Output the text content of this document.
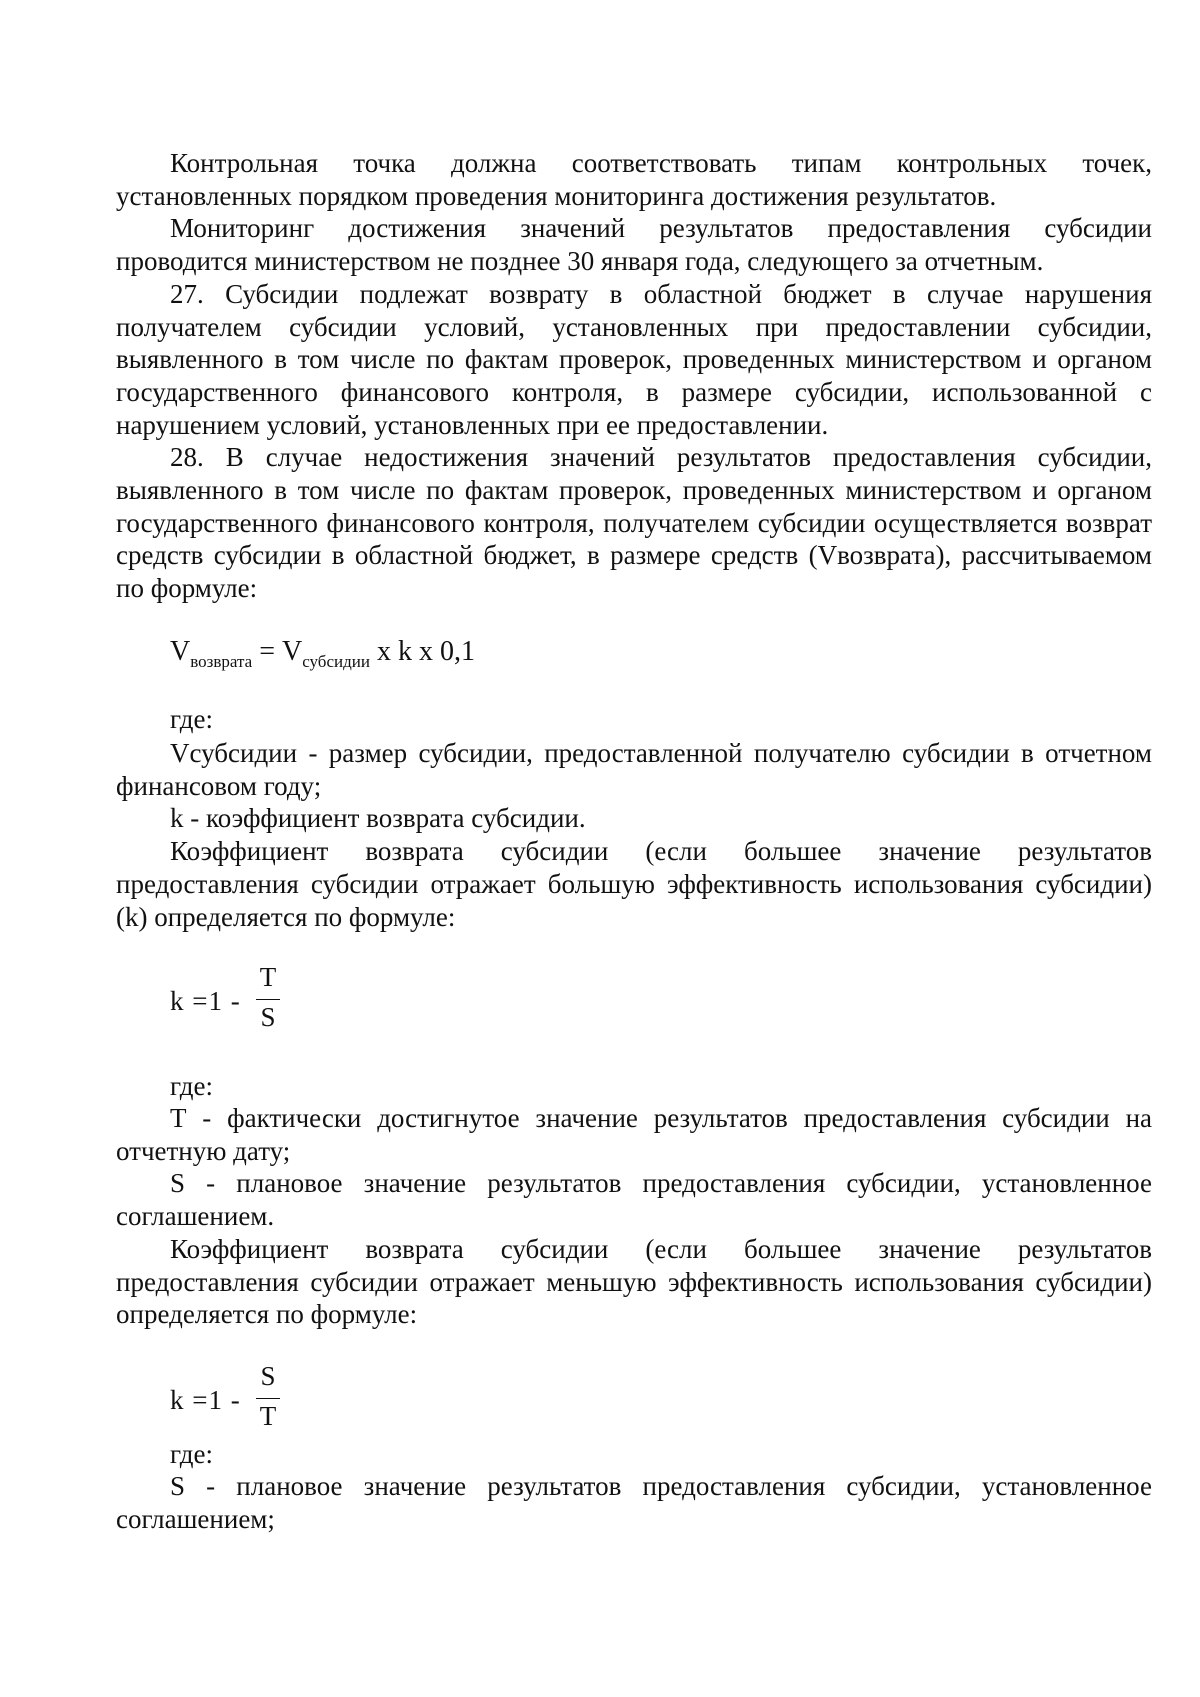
Контрольная точка должна соответствовать типам контрольных точек, установленных порядком проведения мониторинга достижения результатов.

Мониторинг достижения значений результатов предоставления субсидии проводится министерством не позднее 30 января года, следующего за отчетным.

27. Субсидии подлежат возврату в областной бюджет в случае нарушения получателем субсидии условий, установленных при предоставлении субсидии, выявленного в том числе по фактам проверок, проведенных министерством и органом государственного финансового контроля, в размере субсидии, использованной с нарушением условий, установленных при ее предоставлении.

28. В случае недостижения значений результатов предоставления субсидии, выявленного в том числе по фактам проверок, проведенных министерством и органом государственного финансового контроля, получателем субсидии осуществляется возврат средств субсидии в областной бюджет, в размере средств (Vвозврата), рассчитываемом по формуле:

$V_{возврата} = V_{субсидии}$ x k x 0,1
где:

Vсубсидии - размер субсидии, предоставленной получателю субсидии в отчетном финансовом году;

k - коэффициент возврата субсидии.

Коэффициент возврата субсидии (если большее значение результатов предоставления субсидии отражает большую эффективность использования субсидии) (k) определяется по формуле:

k =1 -
T
S
где:

Т - фактически достигнутое значение результатов предоставления субсидии на отчетную дату;

S - плановое значение результатов предоставления субсидии, установленное соглашением.

Коэффициент возврата субсидии (если большее значение результатов предоставления субсидии отражает меньшую эффективность использования субсидии) определяется по формуле:

k =1 -
S
T
где:

S - плановое значение результатов предоставления субсидии, установленное соглашением;
